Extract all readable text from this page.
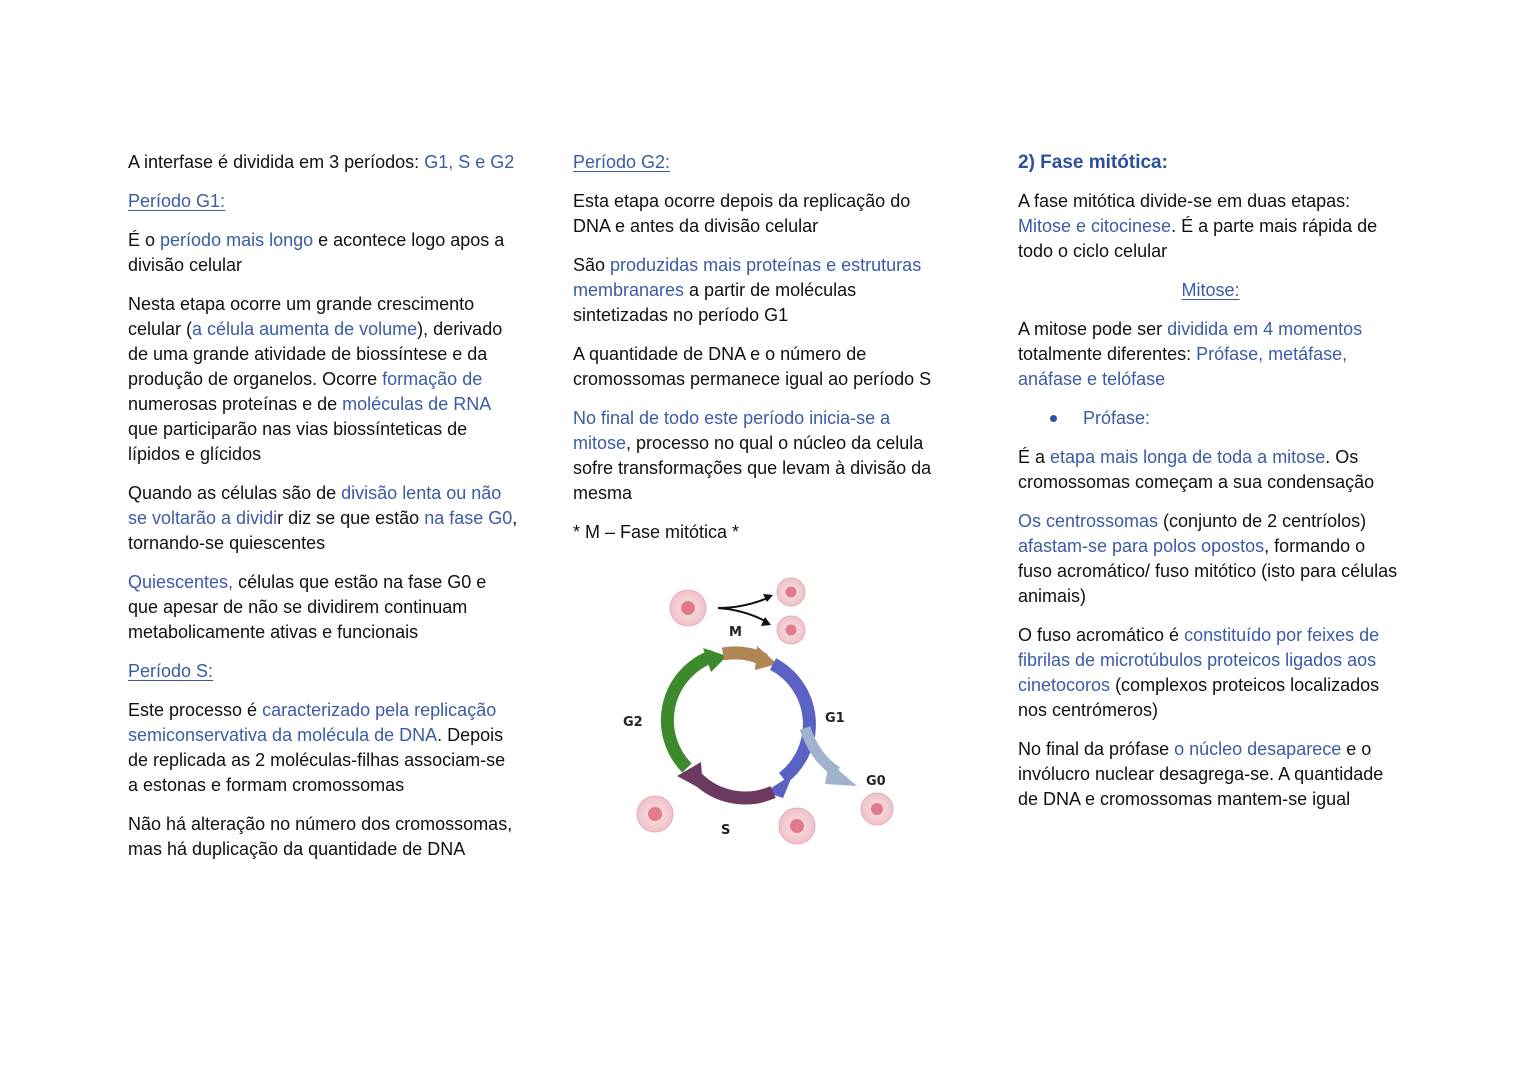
A interfase é dividida em 3 períodos: G1, S e G2

Período G1:

É o período mais longo e acontece logo apos a divisão celular

Nesta etapa ocorre um grande crescimento celular (a célula aumenta de volume), derivado de uma grande atividade de biossíntese e da produção de organelos. Ocorre formação de numerosas proteínas e de moléculas de RNA que participarão nas vias biossínteticas de lípidos e glícidos

Quando as células são de divisão lenta ou não se voltarão a dividir diz se que estão na fase G0, tornando-se quiescentes

Quiescentes, células que estão na fase G0 e que apesar de não se dividirem continuam metabolicamente ativas e funcionais

Período S:

Este processo é caracterizado pela replicação semiconservativa da molécula de DNA. Depois de replicada as 2 moléculas-filhas associam-se a estonas e formam cromossomas

Não há alteração no número dos cromossomas, mas há duplicação da quantidade de DNA

Período G2:

Esta etapa ocorre depois da replicação do DNA e antes da divisão celular

São produzidas mais proteínas e estruturas membranares a partir de moléculas sintetizadas no período G1

A quantidade de DNA e o número de cromossomas permanece igual ao período S

No final de todo este período inicia-se a mitose, processo no qual o núcleo da celula sofre transformações que levam à divisão da mesma

* M – Fase mitótica *

M
G2	G1
S
G0

2) Fase mitótica:

A fase mitótica divide-se em duas etapas: Mitose e citocinese. É a parte mais rápida de todo o ciclo celular

Mitose:

A mitose pode ser dividida em 4 momentos totalmente diferentes: Prófase, metáfase, anáfase e telófase

Prófase:

É a etapa mais longa de toda a mitose. Os cromossomas começam a sua condensação

Os centrossomas (conjunto de 2 centríolos) afastam-se para polos opostos, formando o fuso acromático/ fuso mitótico (isto para células animais)

O fuso acromático é constituído por feixes de fibrilas de microtúbulos proteicos ligados aos cinetocoros (complexos proteicos localizados nos centrómeros)

No final da prófase o núcleo desaparece e o invólucro nuclear desagrega-se. A quantidade de DNA e cromossomas mantem-se igual
